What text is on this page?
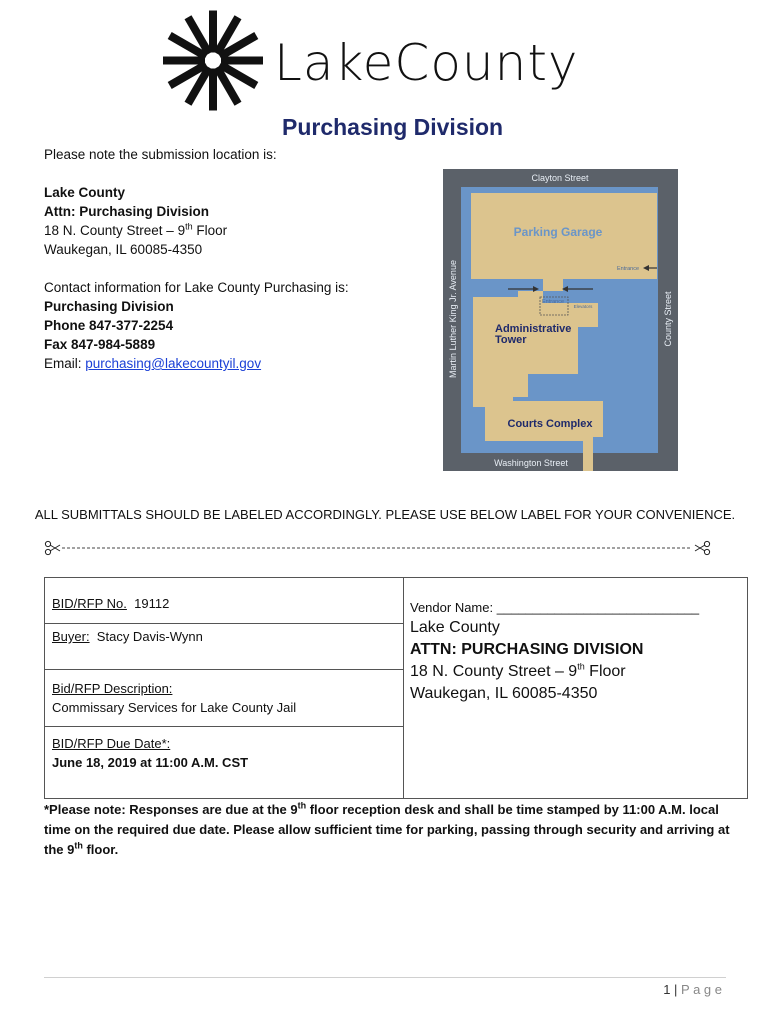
LakeCounty
Purchasing Division
Please note the submission location is:
Lake County
Attn: Purchasing Division
18 N. County Street – 9th Floor
Waukegan, IL 60085-4350
Contact information for Lake County Purchasing is:
Purchasing Division
Phone 847-377-2254
Fax 847-984-5889
Email: purchasing@lakecountyil.gov
Clayton Street
Parking Garage
Entrance
Entrance
Elevators
Administrative
Tower
Courts Complex
Washington Street
Martin Luther King Jr. Avenue	County Street
ALL SUBMITTALS SHOULD BE LABELED ACCORDINGLY. PLEASE USE BELOW LABEL FOR YOUR CONVENIENCE.
BID/RFP No.  19112
Buyer:  Stacy Davis-Wynn
Bid/RFP Description:
Commissary Services for Lake County Jail
BID/RFP Due Date*:
June 18, 2019 at 11:00 A.M. CST
Vendor Name: ____________________________
Lake County
ATTN: PURCHASING DIVISION
18 N. County Street – 9th Floor
Waukegan, IL 60085-4350
*Please note: Responses are due at the 9th floor reception desk and shall be time stamped by 11:00 A.M. local time on the required due date. Please allow sufficient time for parking, passing through security and arriving at the 9th floor.
1 | P a g e
